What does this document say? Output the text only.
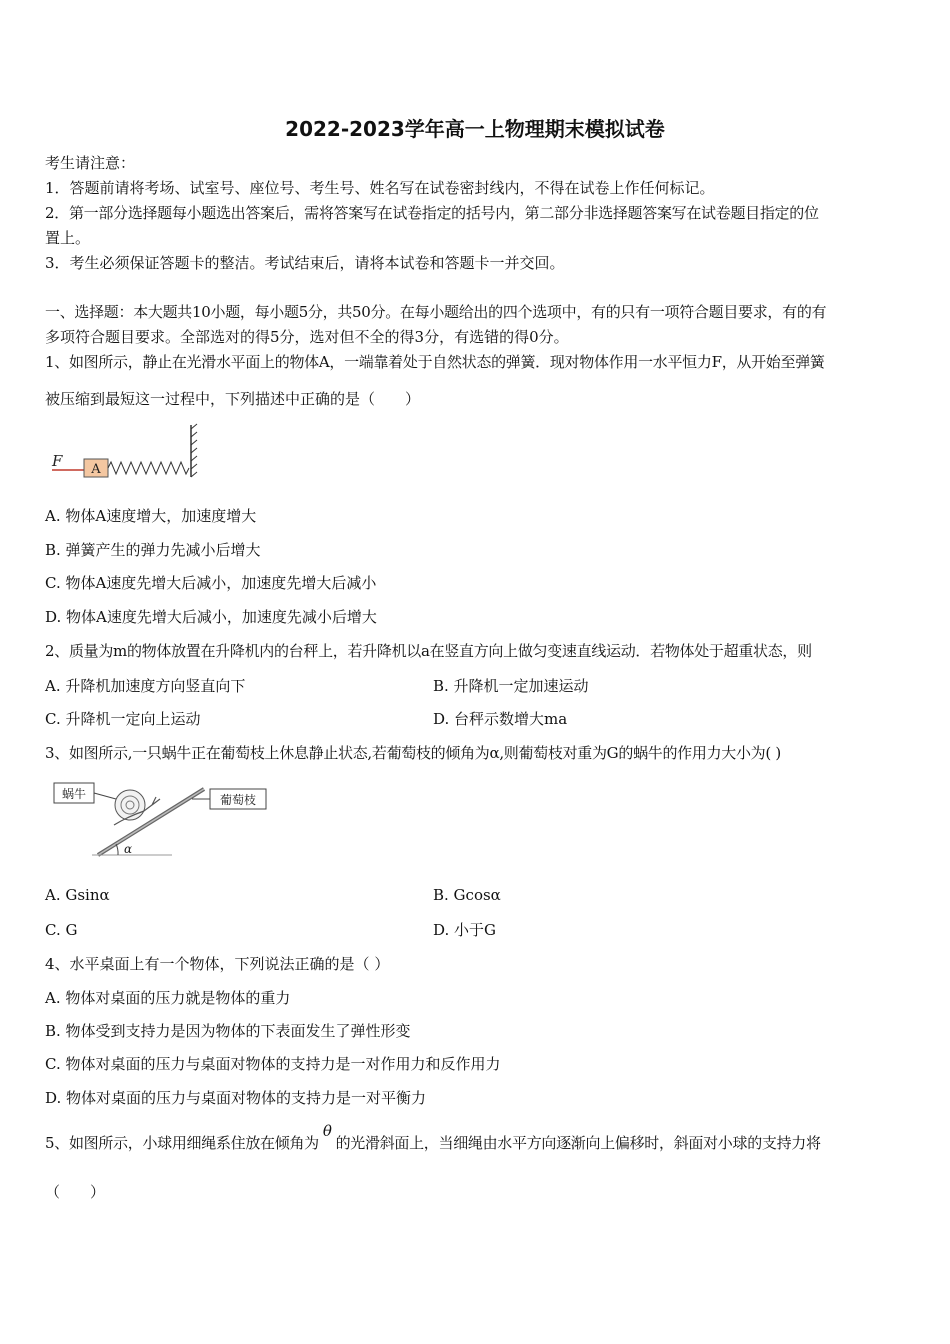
2022-2023学年高一上物理期末模拟试卷
考生请注意：
1．答题前请将考场、试室号、座位号、考生号、姓名写在试卷密封线内，不得在试卷上作任何标记。
2．第一部分选择题每小题选出答案后，需将答案写在试卷指定的括号内，第二部分非选择题答案写在试卷题目指定的位
置上。
3．考生必须保证答题卡的整洁。考试结束后，请将本试卷和答题卡一并交回。
一、选择题：本大题共10小题，每小题5分，共50分。在每小题给出的四个选项中，有的只有一项符合题目要求，有的有
多项符合题目要求。全部选对的得5分，选对但不全的得3分，有选错的得0分。
1、如图所示，静止在光滑水平面上的物体A，一端靠着处于自然状态的弹簧．现对物体作用一水平恒力F，从开始至弹簧
被压缩到最短这一过程中，下列描述中正确的是（　　）
F A
A. 物体A速度增大，加速度增大
B. 弹簧产生的弹力先减小后增大
C. 物体A速度先增大后减小，加速度先增大后减小
D. 物体A速度先增大后减小，加速度先减小后增大
2、质量为m的物体放置在升降机内的台秤上，若升降机以a在竖直方向上做匀变速直线运动．若物体处于超重状态，则
A. 升降机加速度方向竖直向下	B. 升降机一定加速运动
C. 升降机一定向上运动	D. 台秤示数增大ma
3、如图所示,一只蜗牛正在葡萄枝上休息静止状态,若葡萄枝的倾角为α,则葡萄枝对重为G的蜗牛的作用力大小为( )
蜗牛
α
葡萄枝
A. Gsinα	B. Gcosα
C. G	D. 小于G
4、水平桌面上有一个物体，下列说法正确的是（ ）
A. 物体对桌面的压力就是物体的重力
B. 物体受到支持力是因为物体的下表面发生了弹性形变
C. 物体对桌面的压力与桌面对物体的支持力是一对作用力和反作用力
D. 物体对桌面的压力与桌面对物体的支持力是一对平衡力
5、如图所示，小球用细绳系住放在倾角为θ的光滑斜面上，当细绳由水平方向逐渐向上偏移时，斜面对小球的支持力将
（　　）
